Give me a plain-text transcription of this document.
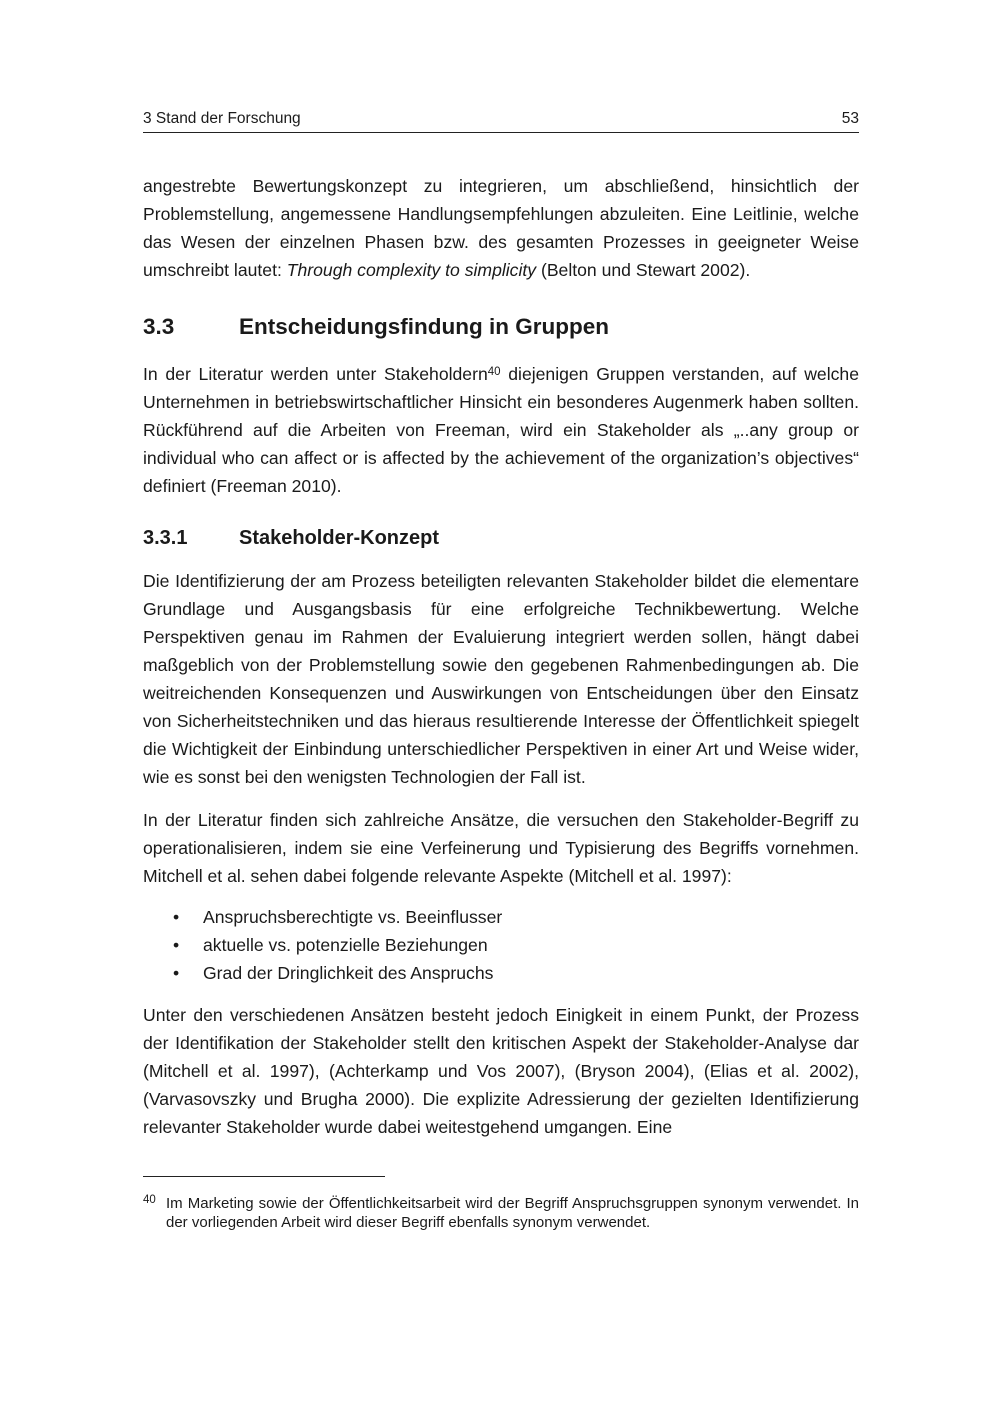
3 Stand der Forschung	53

angestrebte Bewertungskonzept zu integrieren, um abschließend, hinsichtlich der Problemstellung, angemessene Handlungsempfehlungen abzuleiten. Eine Leitlinie, welche das Wesen der einzelnen Phasen bzw. des gesamten Prozesses in geeigneter Weise umschreibt lautet: Through complexity to simplicity (Belton und Stewart 2002).

3.3	Entscheidungsfindung in Gruppen

In der Literatur werden unter Stakeholdern$^{40}$ diejenigen Gruppen verstanden, auf welche Unternehmen in betriebswirtschaftlicher Hinsicht ein besonderes Augenmerk haben sollten. Rückführend auf die Arbeiten von Freeman, wird ein Stakeholder als „..any group or individual who can affect or is affected by the achievement of the organization’s objectives“ definiert (Freeman 2010).

3.3.1	Stakeholder-Konzept

Die Identifizierung der am Prozess beteiligten relevanten Stakeholder bildet die elementare Grundlage und Ausgangsbasis für eine erfolgreiche Technikbewertung. Welche Perspektiven genau im Rahmen der Evaluierung integriert werden sollen, hängt dabei maßgeblich von der Problemstellung sowie den gegebenen Rahmenbedingungen ab. Die weitreichenden Konsequenzen und Auswirkungen von Entscheidungen über den Einsatz von Sicherheitstechniken und das hieraus resultierende Interesse der Öffentlichkeit spiegelt die Wichtigkeit der Einbindung unterschiedlicher Perspektiven in einer Art und Weise wider, wie es sonst bei den wenigsten Technologien der Fall ist.

In der Literatur finden sich zahlreiche Ansätze, die versuchen den Stakeholder-Begriff zu operationalisieren, indem sie eine Verfeinerung und Typisierung des Begriffs vornehmen. Mitchell et al. sehen dabei folgende relevante Aspekte (Mitchell et al. 1997):

• Anspruchsberechtigte vs. Beeinflusser
• aktuelle vs. potenzielle Beziehungen
• Grad der Dringlichkeit des Anspruchs

Unter den verschiedenen Ansätzen besteht jedoch Einigkeit in einem Punkt, der Prozess der Identifikation der Stakeholder stellt den kritischen Aspekt der Stakeholder-Analyse dar (Mitchell et al. 1997), (Achterkamp und Vos 2007), (Bryson 2004), (Elias et al. 2002), (Varvasovszky und Brugha 2000). Die explizite Adressierung der gezielten Identifizierung relevanter Stakeholder wurde dabei weitestgehend umgangen. Eine

40 Im Marketing sowie der Öffentlichkeitsarbeit wird der Begriff Anspruchsgruppen synonym verwendet. In der vorliegenden Arbeit wird dieser Begriff ebenfalls synonym verwendet.
